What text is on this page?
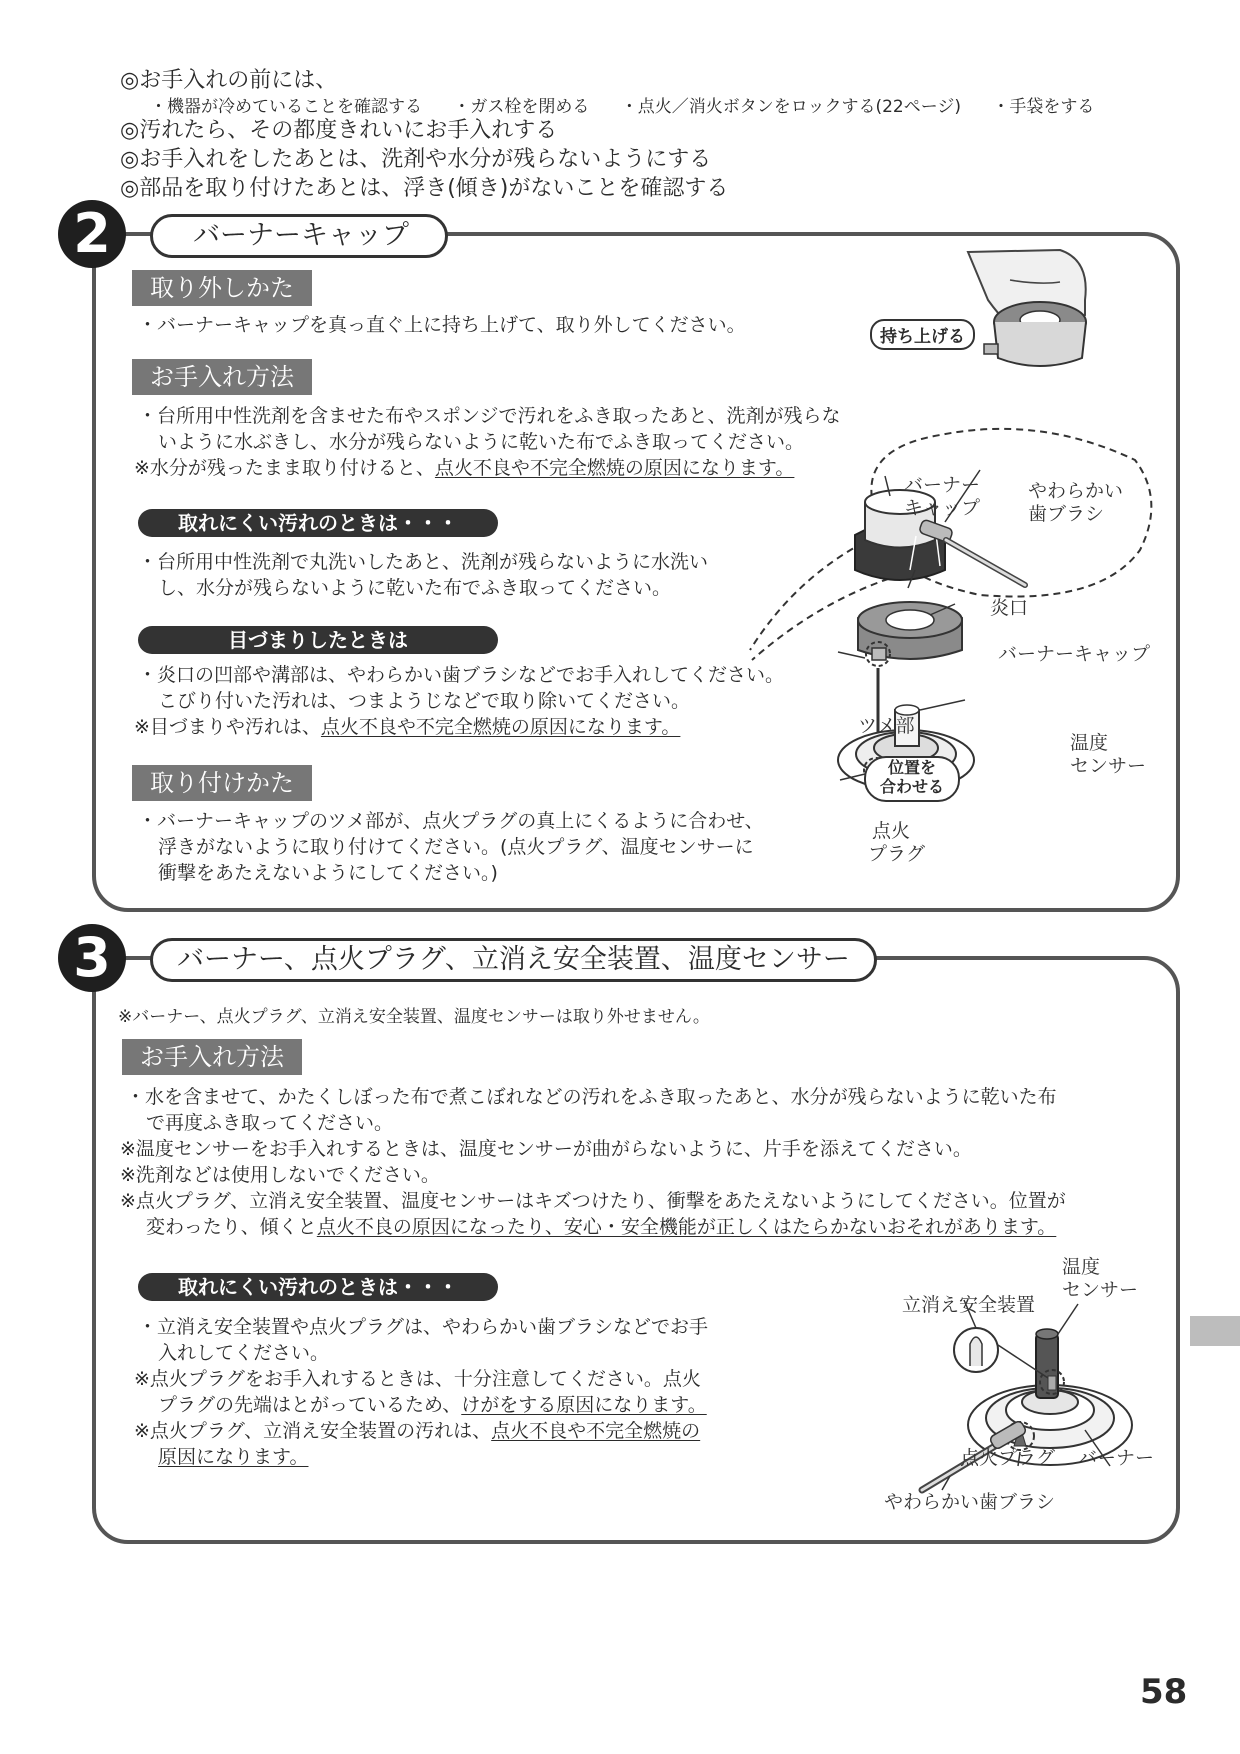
◎お手入れの前には、
・機器が冷めていることを確認する ・ガス栓を閉める ・点火／消火ボタンをロックする(22ページ) ・手袋をする
◎汚れたら、その都度きれいにお手入れする
◎お手入れをしたあとは、洗剤や水分が残らないようにする
◎部品を取り付けたあとは、浮き(傾き)がないことを確認する
2	バーナーキャップ
取り外しかた
・バーナーキャップを真っ直ぐ上に持ち上げて、取り外してください。
お手入れ方法
・台所用中性洗剤を含ませた布やスポンジで汚れをふき取ったあと、洗剤が残らな
いように水ぶきし、水分が残らないように乾いた布でふき取ってください。
※水分が残ったまま取り付けると、点火不良や不完全燃焼の原因になります。
取れにくい汚れのときは・・・
・台所用中性洗剤で丸洗いしたあと、洗剤が残らないように水洗い
し、水分が残らないように乾いた布でふき取ってください。
目づまりしたときは
・炎口の凹部や溝部は、やわらかい歯ブラシなどでお手入れしてください。
こびり付いた汚れは、つまようじなどで取り除いてください。
※目づまりや汚れは、点火不良や不完全燃焼の原因になります。
取り付けかた
・バーナーキャップのツメ部が、点火プラグの真上にくるように合わせ、
浮きがないように取り付けてください。(点火プラグ、温度センサーに
衝撃をあたえないようにしてください。)
持ち上げる
バーナー
キャップ
やわらかい
歯ブラシ
炎口
バーナーキャップ
ツメ部
温度
センサー
位置を
合わせる
点火
プラグ
3	バーナー、点火プラグ、立消え安全装置、温度センサー
※バーナー、点火プラグ、立消え安全装置、温度センサーは取り外せません。
お手入れ方法
・水を含ませて、かたくしぼった布で煮こぼれなどの汚れをふき取ったあと、水分が残らないように乾いた布
で再度ふき取ってください。
※温度センサーをお手入れするときは、温度センサーが曲がらないように、片手を添えてください。
※洗剤などは使用しないでください。
※点火プラグ、立消え安全装置、温度センサーはキズつけたり、衝撃をあたえないようにしてください。位置が
変わったり、傾くと点火不良の原因になったり、安心・安全機能が正しくはたらかないおそれがあります。
取れにくい汚れのときは・・・
・立消え安全装置や点火プラグは、やわらかい歯ブラシなどでお手
入れしてください。
※点火プラグをお手入れするときは、十分注意してください。点火
プラグの先端はとがっているため、けがをする原因になります。
※点火プラグ、立消え安全装置の汚れは、点火不良や不完全燃焼の
原因になります。
温度
センサー
立消え安全装置
点火プラグ バーナー
やわらかい歯ブラシ
58
